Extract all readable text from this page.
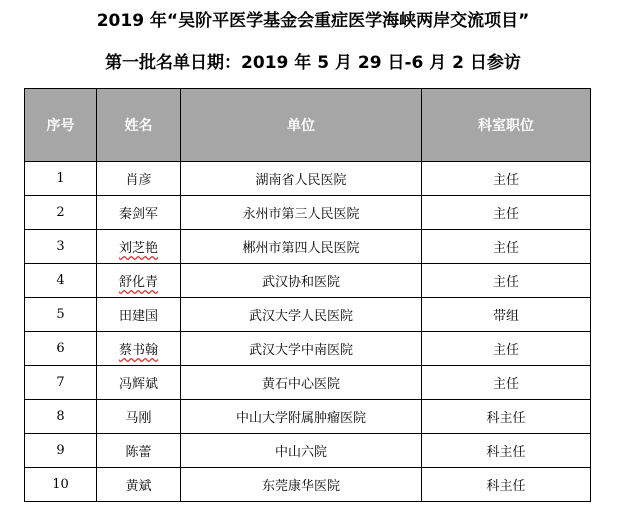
2019 年“吴阶平医学基金会重症医学海峡两岸交流项目”
第一批名单日期：2019 年 5 月 29 日-6 月 2 日参访
序号	姓名	单位	科室职位
1	肖彦	湖南省人民医院	主任
2	秦剑军	永州市第三人民医院	主任
3	刘芝艳	郴州市第四人民医院	主任
4	舒化青	武汉协和医院	主任
5	田建国	武汉大学人民医院	带组
6	蔡书翰	武汉大学中南医院	主任
7	冯辉斌	黄石中心医院	主任
8	马刚	中山大学附属肿瘤医院	科主任
9	陈蕾	中山六院	科主任
10	黄斌	东莞康华医院	科主任
